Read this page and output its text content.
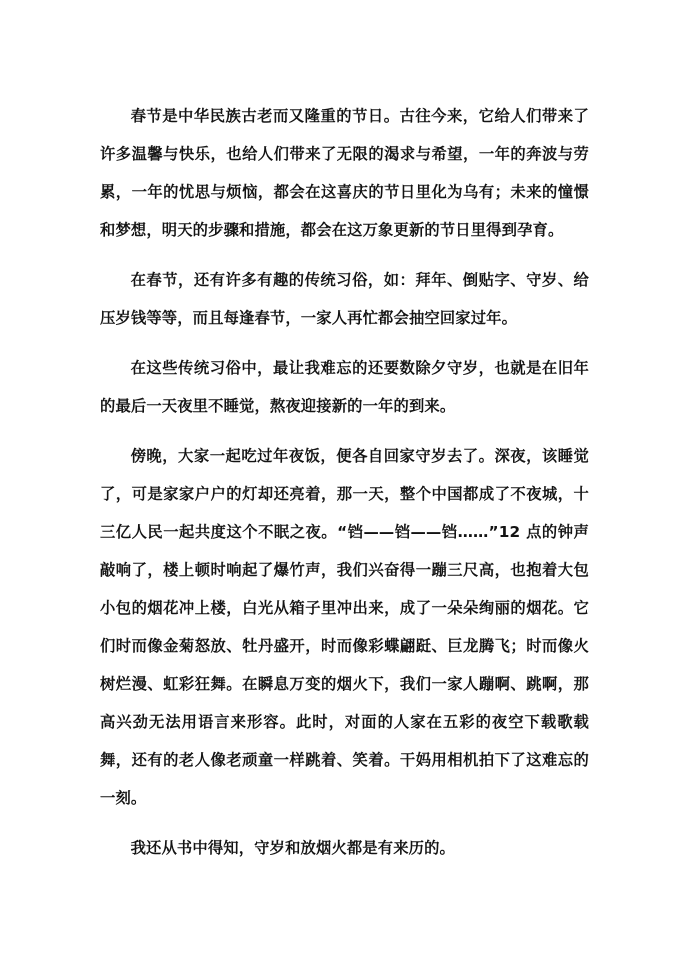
春节是中华民族古老而又隆重的节日。古往今来，它给人们带来了许多温馨与快乐，也给人们带来了无限的渴求与希望，一年的奔波与劳累，一年的忧思与烦恼，都会在这喜庆的节日里化为乌有；未来的憧憬和梦想，明天的步骤和措施，都会在这万象更新的节日里得到孕育。

在春节，还有许多有趣的传统习俗，如：拜年、倒贴字、守岁、给压岁钱等等，而且每逢春节，一家人再忙都会抽空回家过年。

在这些传统习俗中，最让我难忘的还要数除夕守岁，也就是在旧年的最后一天夜里不睡觉，熬夜迎接新的一年的到来。

傍晚，大家一起吃过年夜饭，便各自回家守岁去了。深夜，该睡觉了，可是家家户户的灯却还亮着，那一天，整个中国都成了不夜城，十三亿人民一起共度这个不眠之夜。“铛——铛——铛……”12 点的钟声敲响了，楼上顿时响起了爆竹声，我们兴奋得一蹦三尺高，也抱着大包小包的烟花冲上楼，白光从箱子里冲出来，成了一朵朵绚丽的烟花。它们时而像金菊怒放、牡丹盛开，时而像彩蝶翩跹、巨龙腾飞；时而像火树烂漫、虹彩狂舞。在瞬息万变的烟火下，我们一家人蹦啊、跳啊，那高兴劲无法用语言来形容。此时，对面的人家在五彩的夜空下载歌载舞，还有的老人像老顽童一样跳着、笑着。干妈用相机拍下了这难忘的一刻。

我还从书中得知，守岁和放烟火都是有来历的。
